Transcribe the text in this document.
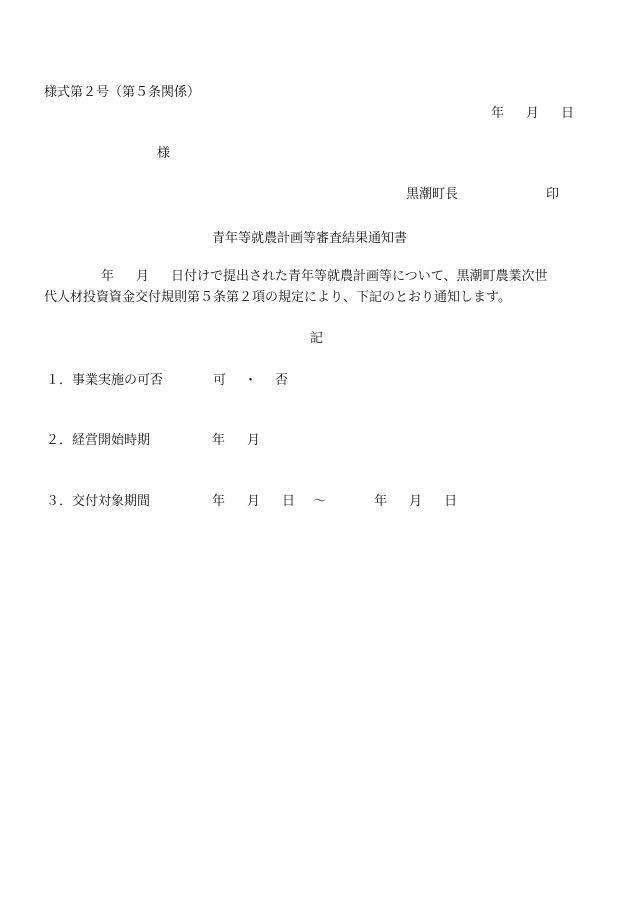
様式第２号（第５条関係）
年 月 日
様
黒潮町長	印
青年等就農計画等審査結果通知書
年 月 日付けで提出された青年等就農計画等について、黒潮町農業次世
代人材投資資金交付規則第５条第２項の規定により、下記のとおり通知します。
記
１．事業実施の可否	可 ・ 否
２．経営開始時期	年 月
３．交付対象期間	年 月 日 ～	年 月 日
